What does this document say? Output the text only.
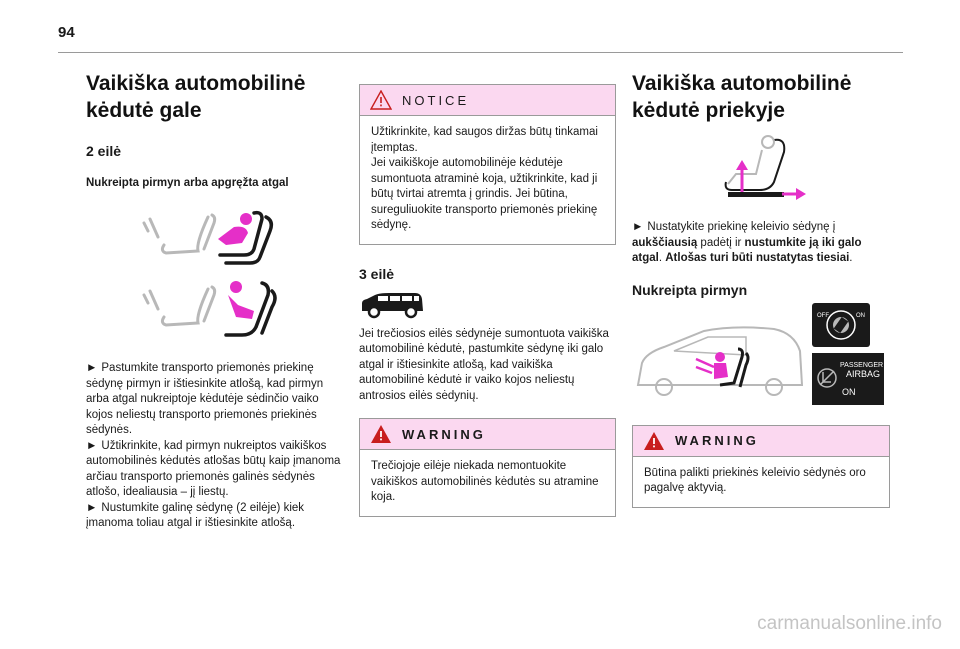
94
Vaikiška automobilinė
kėdutė gale
2 eilė
Nukreipta pirmyn arba apgręžta atgal

► Pastumkite transporto priemonės priekinę sėdynę pirmyn ir ištiesinkite atlošą, kad pirmyn arba atgal nukreiptoje kėdutėje sėdinčio vaiko kojos neliestų transporto priemonės priekinės sėdynės.

► Užtikrinkite, kad pirmyn nukreiptos vaikiškos automobilinės kėdutės atlošas būtų kaip įmanoma arčiau transporto priemonės galinės sėdynės atlošo, idealiausia – jį liestų.

► Nustumkite galinę sėdynę (2 eilėje) kiek įmanoma toliau atgal ir ištiesinkite atlošą.

NOTICE

Užtikrinkite, kad saugos diržas būtų tinkamai įtemptas.

Jei vaikiškoje automobilinėje kėdutėje sumontuota atraminė koja, užtikrinkite, kad ji būtų tvirtai atremta į grindis. Jei būtina, sureguliuokite transporto priemonės priekinę sėdynę.

3 eilė

Jei trečiosios eilės sėdynėje sumontuota vaikiška automobilinė kėdutė, pastumkite sėdynę iki galo atgal ir ištiesinkite atlošą, kad vaikiška automobilinė kėdutė ir vaiko kojos neliestų antrosios eilės sėdynių.

WARNING

Trečiojoje eilėje niekada nemontuokite vaikiškos automobilinės kėdutės su atramine koja.

Vaikiška automobilinė
kėdutė priekyje

► Nustatykite priekinę keleivio sėdynę į aukščiausią padėtį ir nustumkite ją iki galo atgal. Atlošas turi būti nustatytas tiesiai.

Nukreipta pirmyn
OFF	ON
PASSENGER
AIRBAG
ON
WARNING

Būtina palikti priekinės keleivio sėdynės oro pagalvę aktyvią.

carmanualsonline.info
